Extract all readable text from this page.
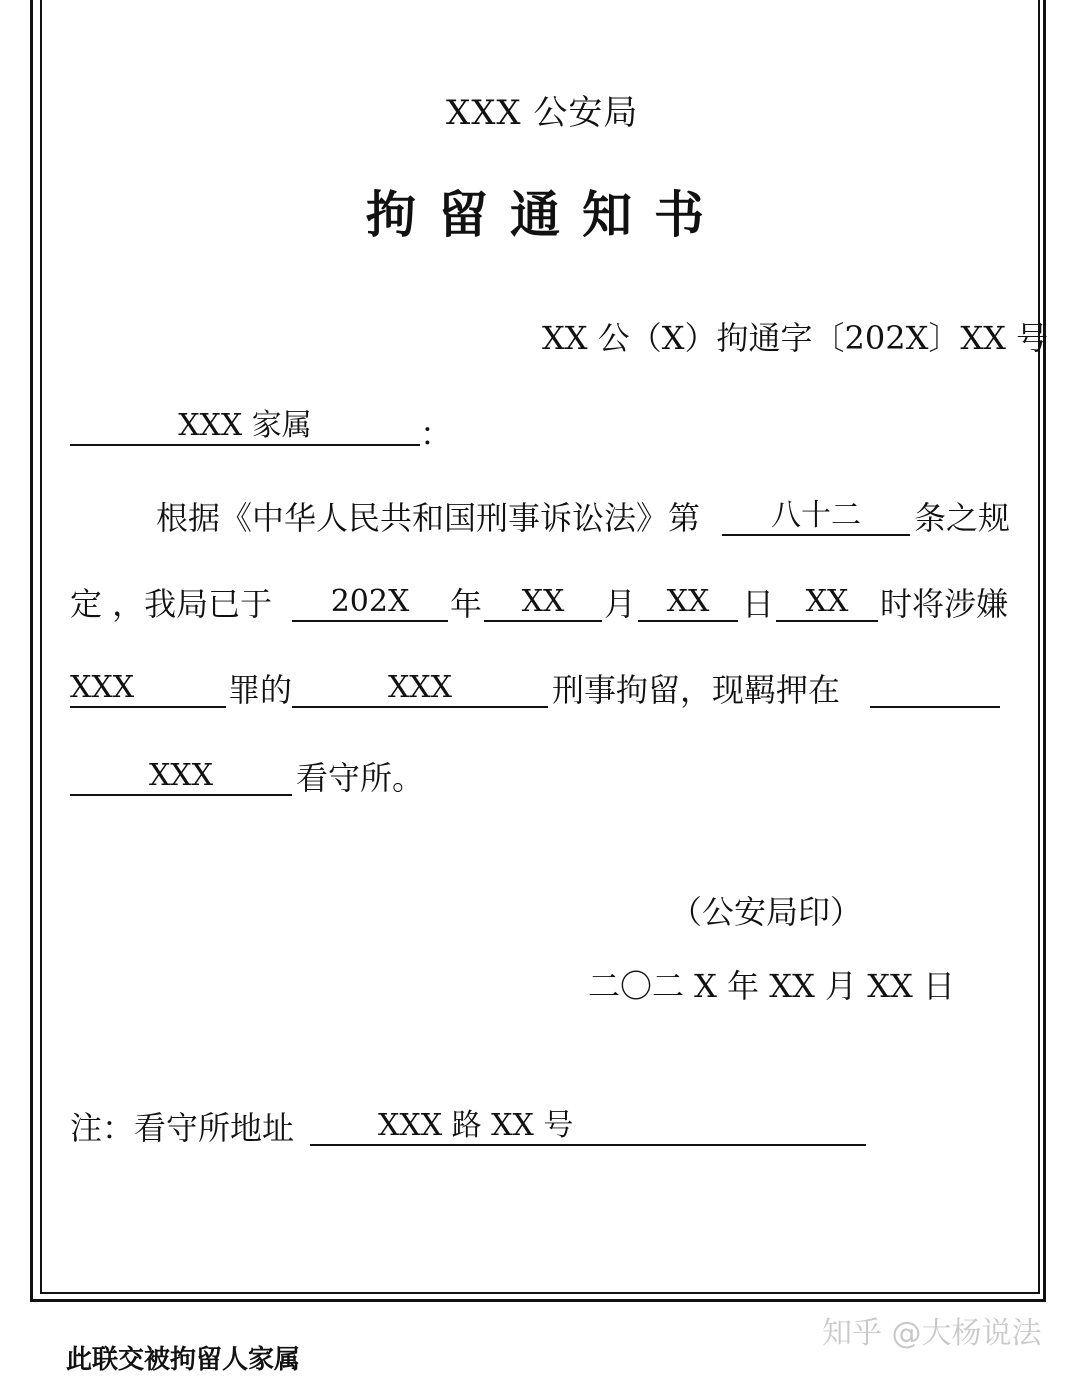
XXX 公安局
拘留通知书
XX 公（X）拘通字〔202X〕XX 号
XXX 家属	：
根据《中华人民共和国刑事诉讼法》第	八十二	条之规
定 ，我局已于	202X	年	XX	月	XX	日	XX 时将涉嫌
XXX	罪的	XXX	刑事拘留，现羁押在
XXX	看守所。
（公安局印）
二〇二 X 年 XX 月 XX 日
注：看守所地址	XXX 路 XX 号
此联交被拘留人家属
知乎 @大杨说法
